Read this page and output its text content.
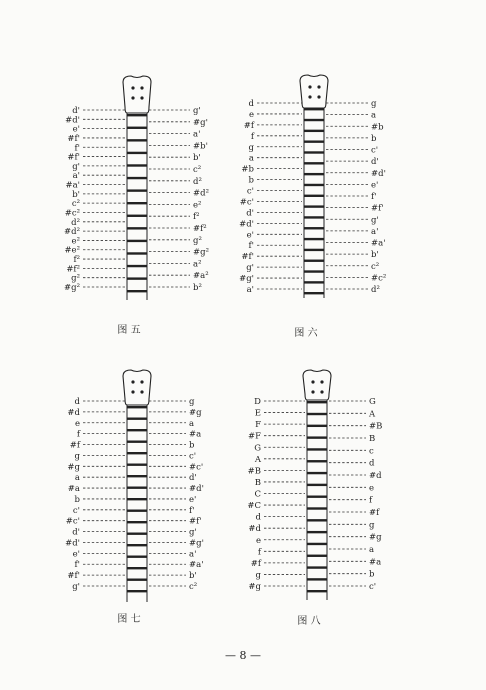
d'
#d'
e'
#f'
f'
#f'
g'
a'
#a'
b'
c²
#c²
d²
#d²
e²
#e²
f²
#f²
g²
#g²
g'
#g'
a'
#b'
b'
c²
d²
#d²
e²
f²
#f²
g²
#g²
a²
#a²
b²
图 五
d
e
#f
f
g
a
#b
b
c'
#c'
d'
#d'
e'
f'
#f'
g'
#g'
a'
g
a
#b
b
c'
d'
#d'
e'
f'
#f'
g'
a'
#a'
b'
c²
#c²
d²
图 六
d
#d
e
f
#f
g
#g
a
#a
b
c'
#c'
d'
#d'
e'
f'
#f'
g'
g
#g
a
#a
b
c'
#c'
d'
#d'
e'
f'
#f'
g'
#g'
a'
#a'
b'
c²
图 七
D
E
F
#F
G
A
#B
B
C
#C
d
#d
e
f
#f
g
#g
G
A
#B
B
c
d
#d
e
f
#f
g
#g
a
#a
b
c'
图 八
— 8 —
